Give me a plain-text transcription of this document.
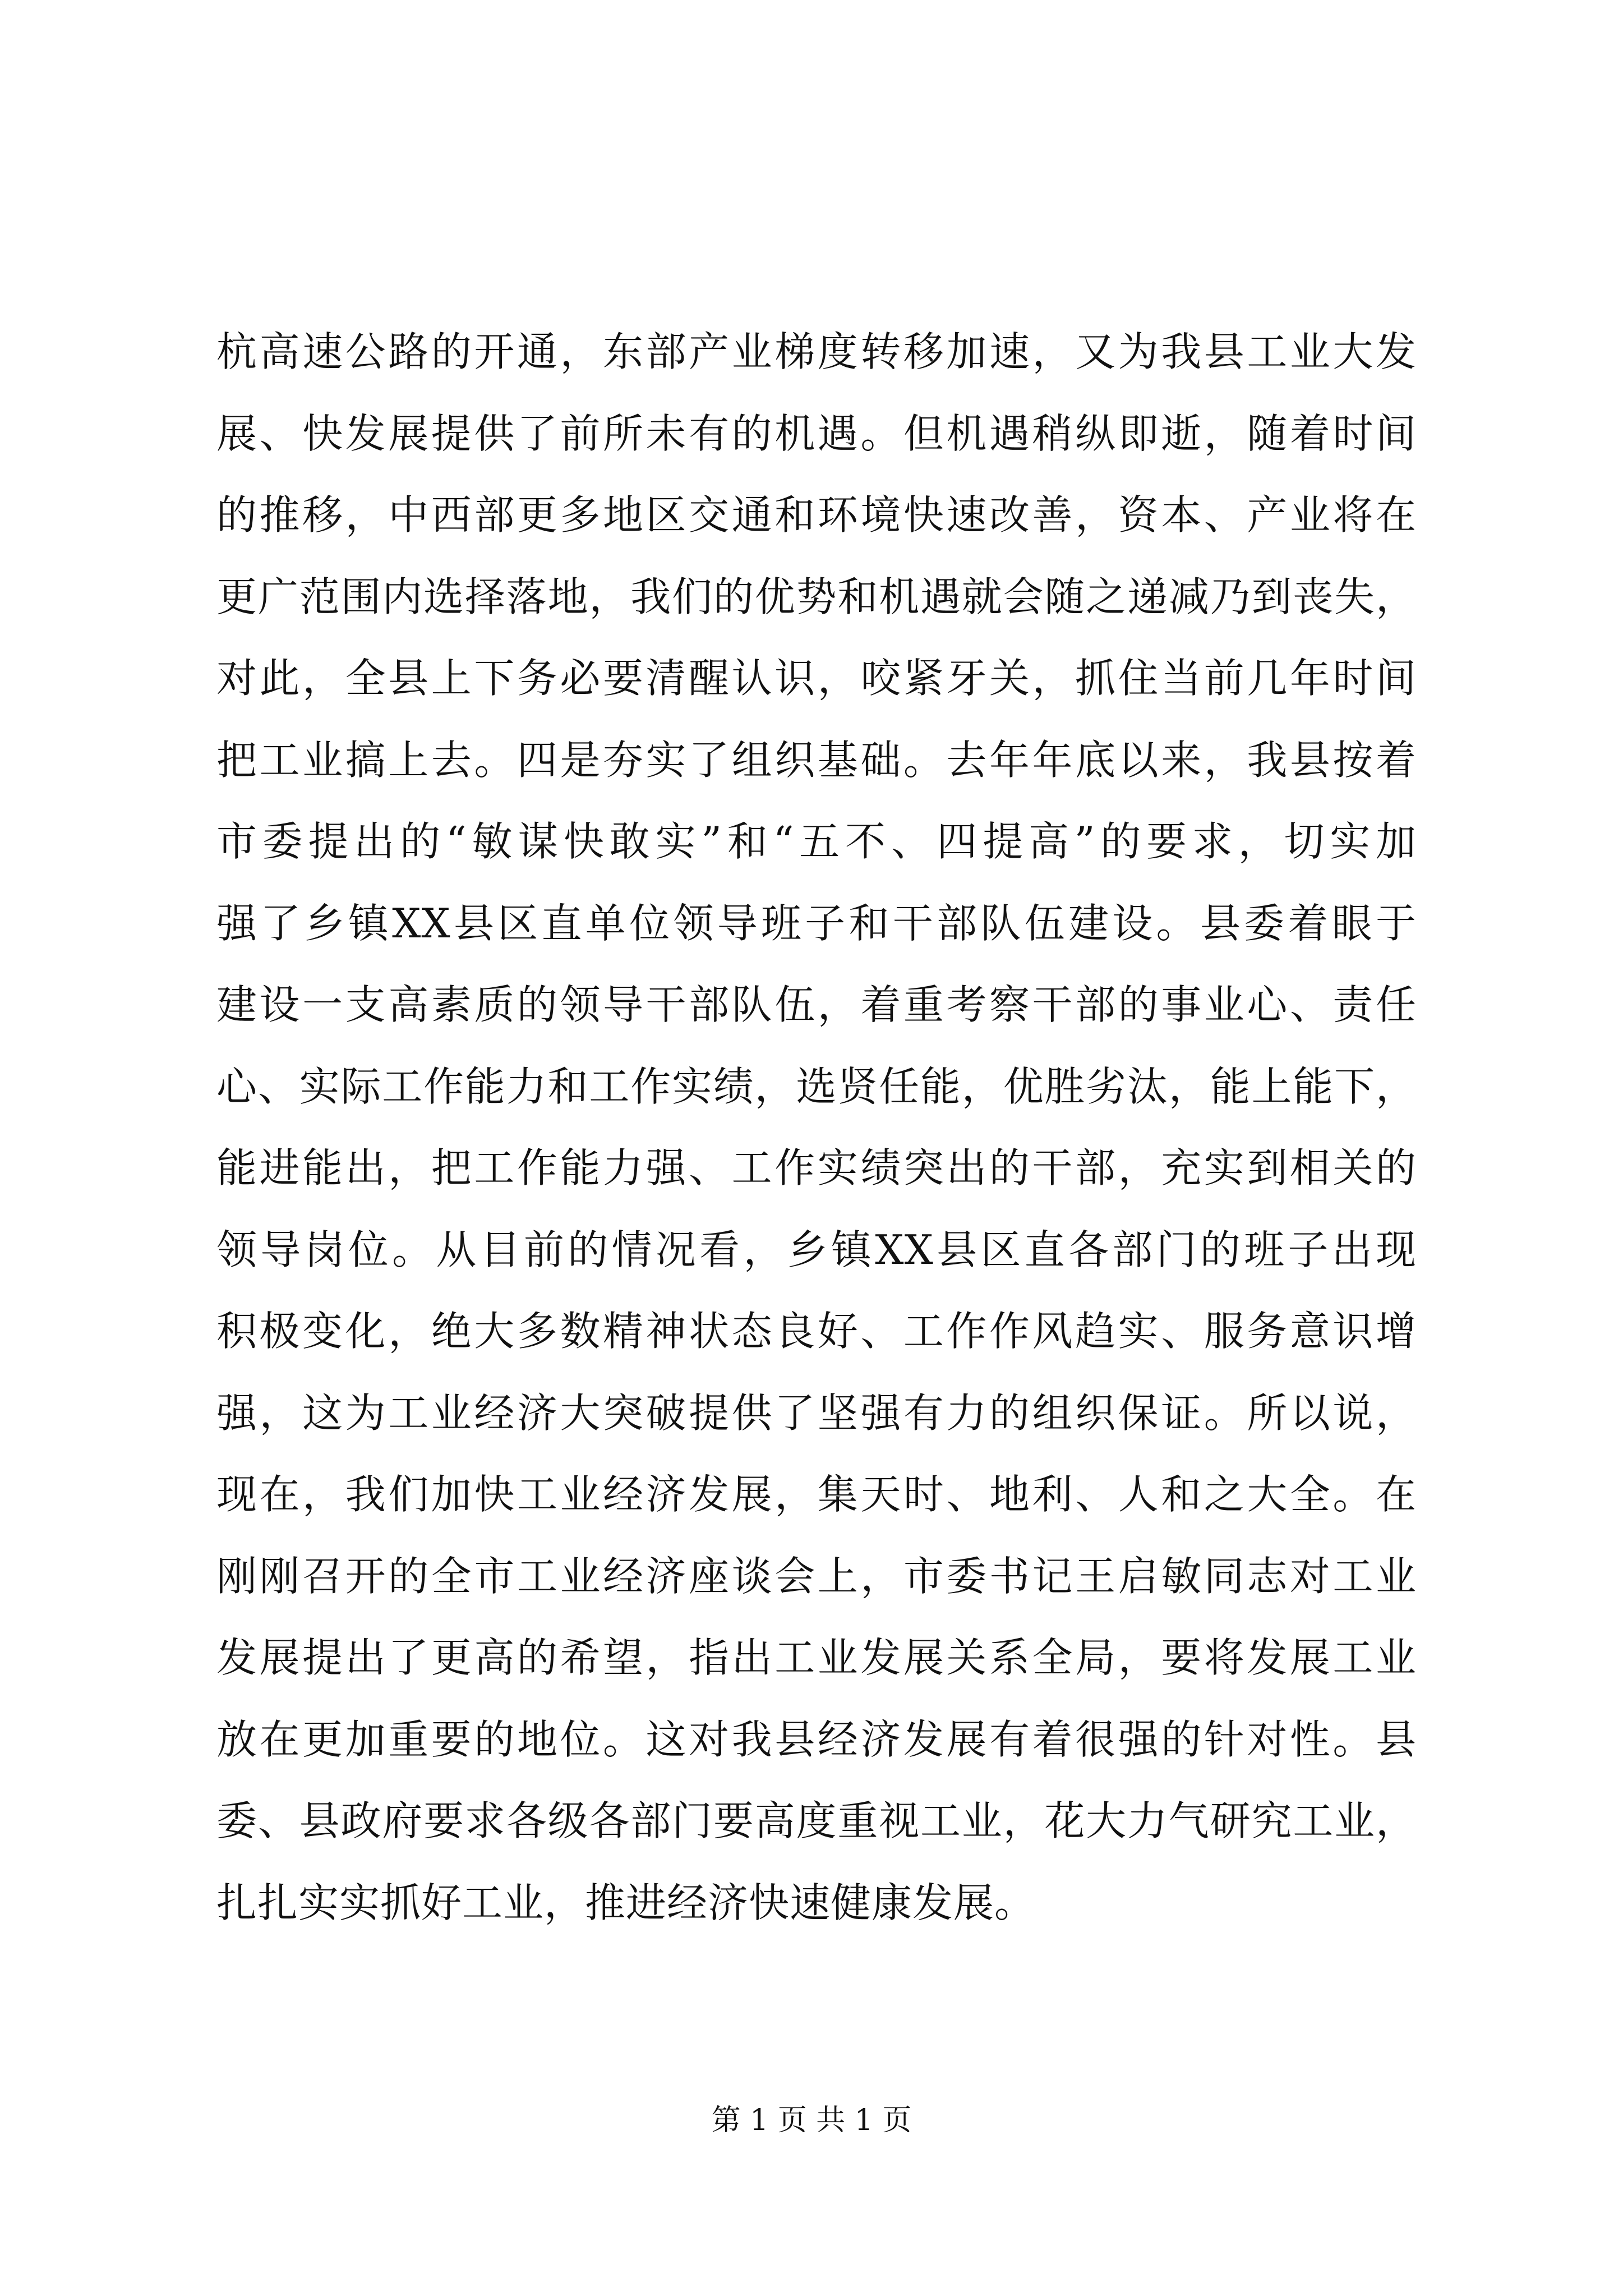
杭高速公路的开通，东部产业梯度转移加速，又为我县工业大发
展、快发展提供了前所未有的机遇。但机遇稍纵即逝，随着时间
的推移，中西部更多地区交通和环境快速改善，资本、产业将在
更广范围内选择落地，我们的优势和机遇就会随之递减乃到丧失，
对此，全县上下务必要清醒认识，咬紧牙关，抓住当前几年时间
把工业搞上去。四是夯实了组织基础。去年年底以来，我县按着
市委提出的“敏谋快敢实”和“五不、四提高”的要求，切实加
强了乡镇XX县区直单位领导班子和干部队伍建设。县委着眼于
建设一支高素质的领导干部队伍，着重考察干部的事业心、责任
心、实际工作能力和工作实绩，选贤任能，优胜劣汰，能上能下，
能进能出，把工作能力强、工作实绩突出的干部，充实到相关的
领导岗位。从目前的情况看，乡镇XX县区直各部门的班子出现
积极变化，绝大多数精神状态良好、工作作风趋实、服务意识增
强，这为工业经济大突破提供了坚强有力的组织保证。所以说，
现在，我们加快工业经济发展，集天时、地利、人和之大全。在
刚刚召开的全市工业经济座谈会上，市委书记王启敏同志对工业
发展提出了更高的希望，指出工业发展关系全局，要将发展工业
放在更加重要的地位。这对我县经济发展有着很强的针对性。县
委、县政府要求各级各部门要高度重视工业，花大力气研究工业，
扎扎实实抓好工业，推进经济快速健康发展。
第 1 页 共 1 页
